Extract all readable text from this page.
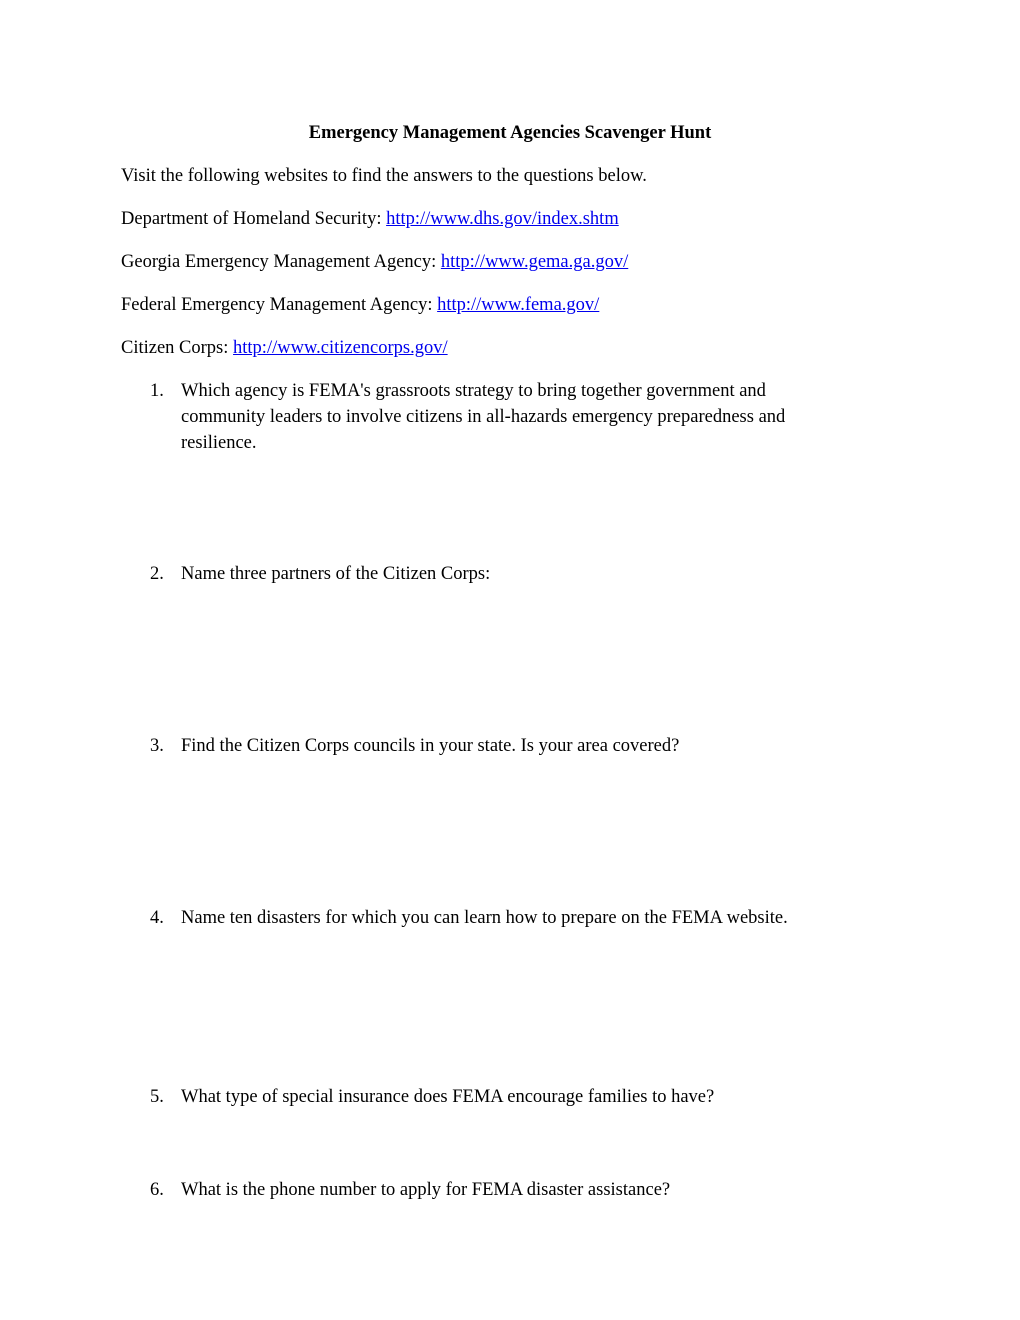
Emergency Management Agencies Scavenger Hunt
Visit the following websites to find the answers to the questions below.
Department of Homeland Security: http://www.dhs.gov/index.shtm
Georgia Emergency Management Agency: http://www.gema.ga.gov/
Federal Emergency Management Agency: http://www.fema.gov/
Citizen Corps: http://www.citizencorps.gov/
1. Which agency is FEMA's grassroots strategy to bring together government and community leaders to involve citizens in all-hazards emergency preparedness and resilience.
2. Name three partners of the Citizen Corps:
3. Find the Citizen Corps councils in your state. Is your area covered?
4. Name ten disasters for which you can learn how to prepare on the FEMA website.
5. What type of special insurance does FEMA encourage families to have?
6. What is the phone number to apply for FEMA disaster assistance?
